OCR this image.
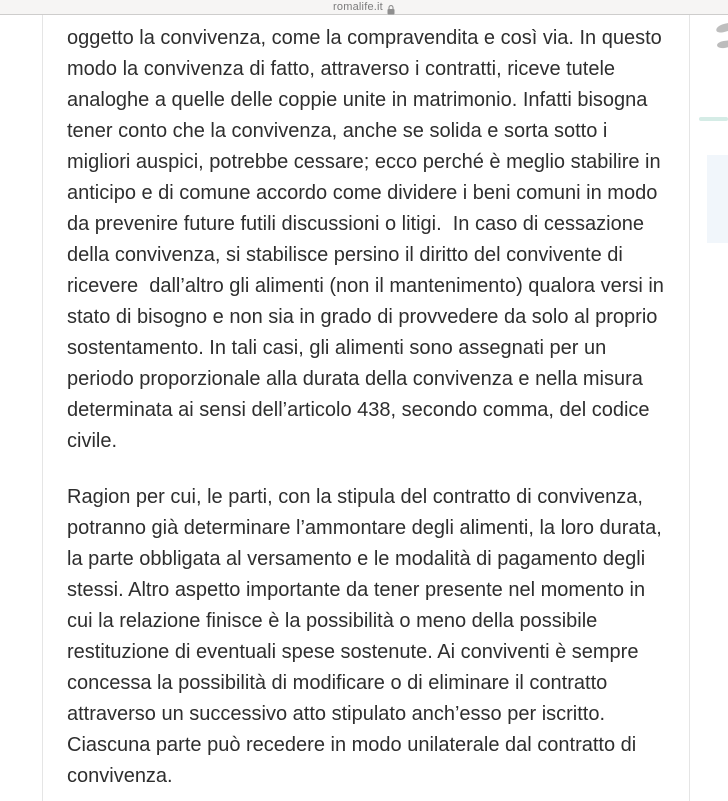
romalife.it

oggetto la convivenza, come la compravendita e così via. In questo modo la convivenza di fatto, attraverso i contratti, riceve tutele analoghe a quelle delle coppie unite in matrimonio. Infatti bisogna tener conto che la convivenza, anche se solida e sorta sotto i migliori auspici, potrebbe cessare; ecco perché è meglio stabilire in anticipo e di comune accordo come dividere i beni comuni in modo da prevenire future futili discussioni o litigi.  In caso di cessazione della convivenza, si stabilisce persino il diritto del convivente di ricevere  dall’altro gli alimenti (non il mantenimento) qualora versi in stato di bisogno e non sia in grado di provvedere da solo al proprio sostentamento. In tali casi, gli alimenti sono assegnati per un periodo proporzionale alla durata della convivenza e nella misura determinata ai sensi dell’articolo 438, secondo comma, del codice civile.

Ragion per cui, le parti, con la stipula del contratto di convivenza, potranno già determinare l’ammontare degli alimenti, la loro durata, la parte obbligata al versamento e le modalità di pagamento degli stessi. Altro aspetto importante da tener presente nel momento in cui la relazione finisce è la possibilità o meno della possibile restituzione di eventuali spese sostenute. Ai conviventi è sempre concessa la possibilità di modificare o di eliminare il contratto attraverso un successivo atto stipulato anch’esso per iscritto. Ciascuna parte può recedere in modo unilaterale dal contratto di convivenza.
